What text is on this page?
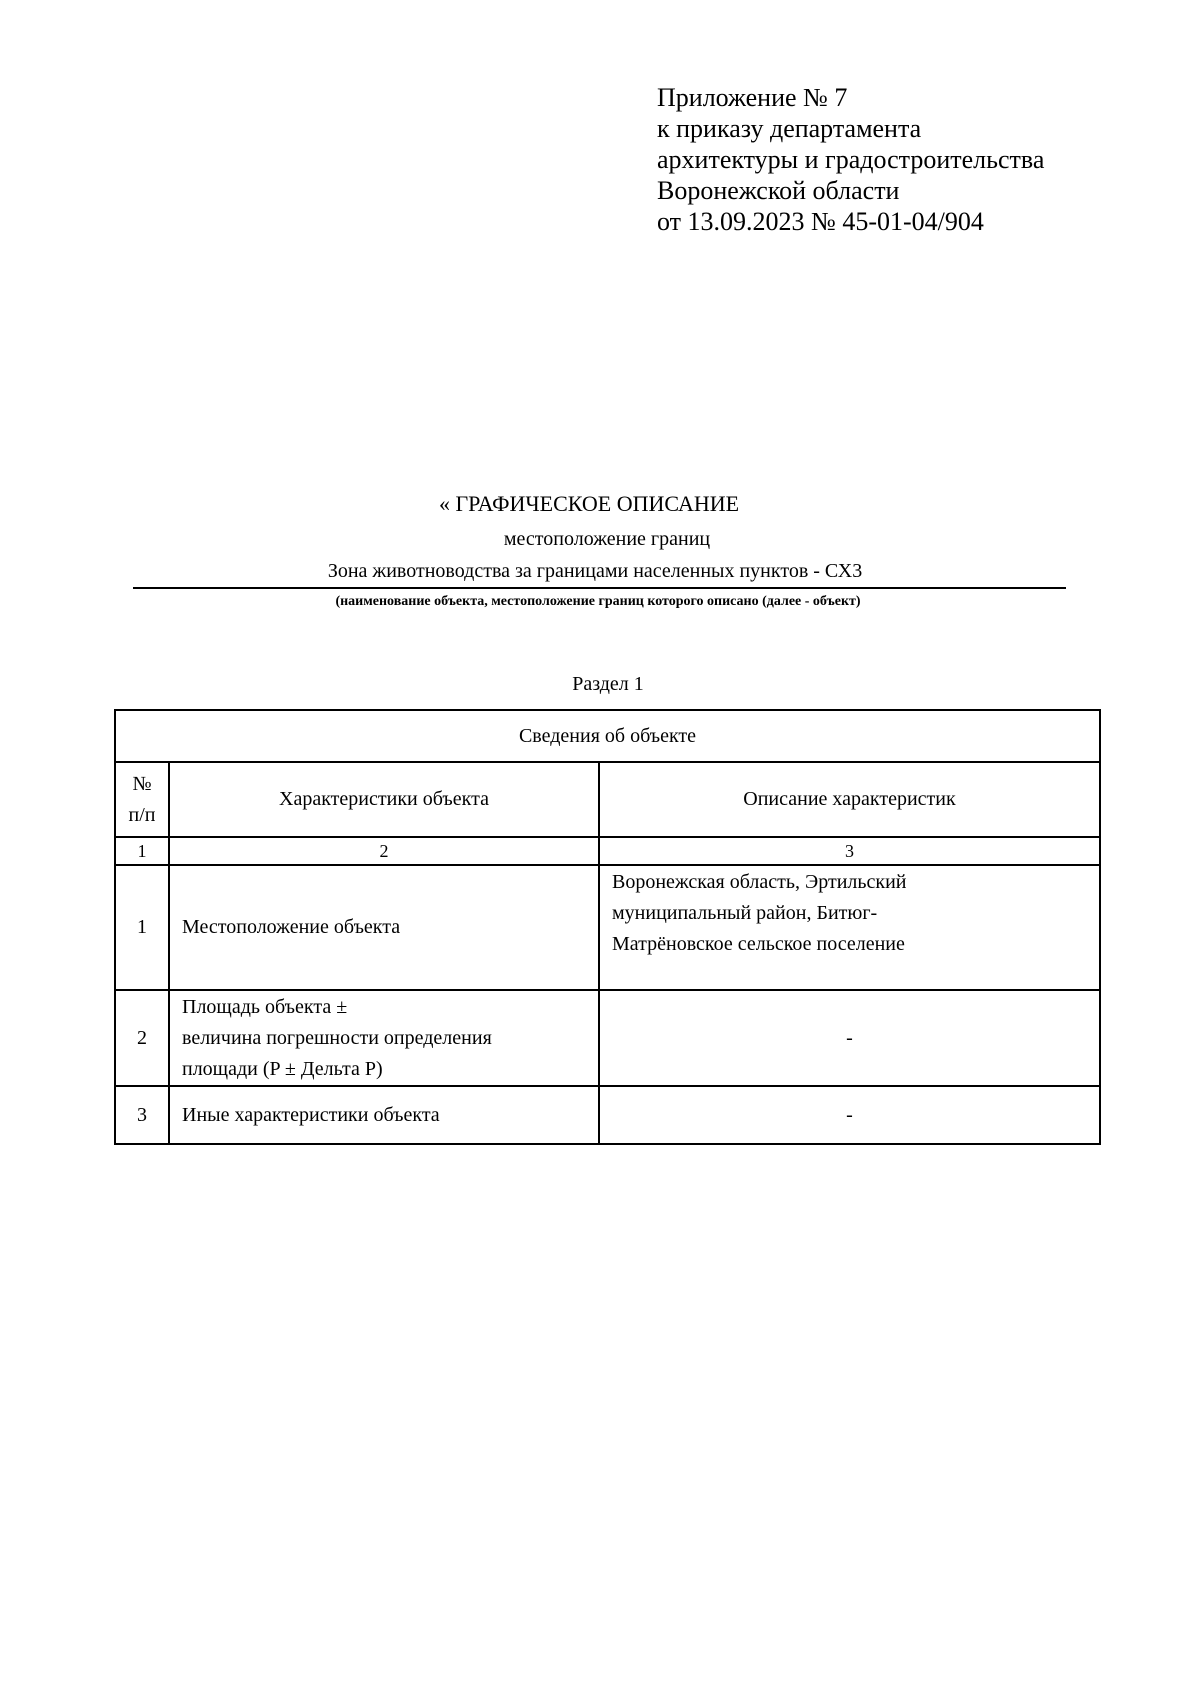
Приложение № 7
к приказу департамента
архитектуры и градостроительства
Воронежской области
от 13.09.2023 № 45-01-04/904
« ГРАФИЧЕСКОЕ ОПИСАНИЕ
местоположение границ
Зона животноводства за границами населенных пунктов - СХ3
(наименование объекта, местоположение границ которого описано (далее - объект)
Раздел 1
Сведения об объекте		

№
п/п	Характеристики объекта	Описание характеристик

1	2	3
1	Местоположение объекта	Воронежская область, Эртильский
муниципальный район, Битюг-
Матрёновское сельское поселение

2	Площадь объекта ±
величина погрешности определения
площади (P ± Дельта P)	-

3	Иные характеристики объекта	-
